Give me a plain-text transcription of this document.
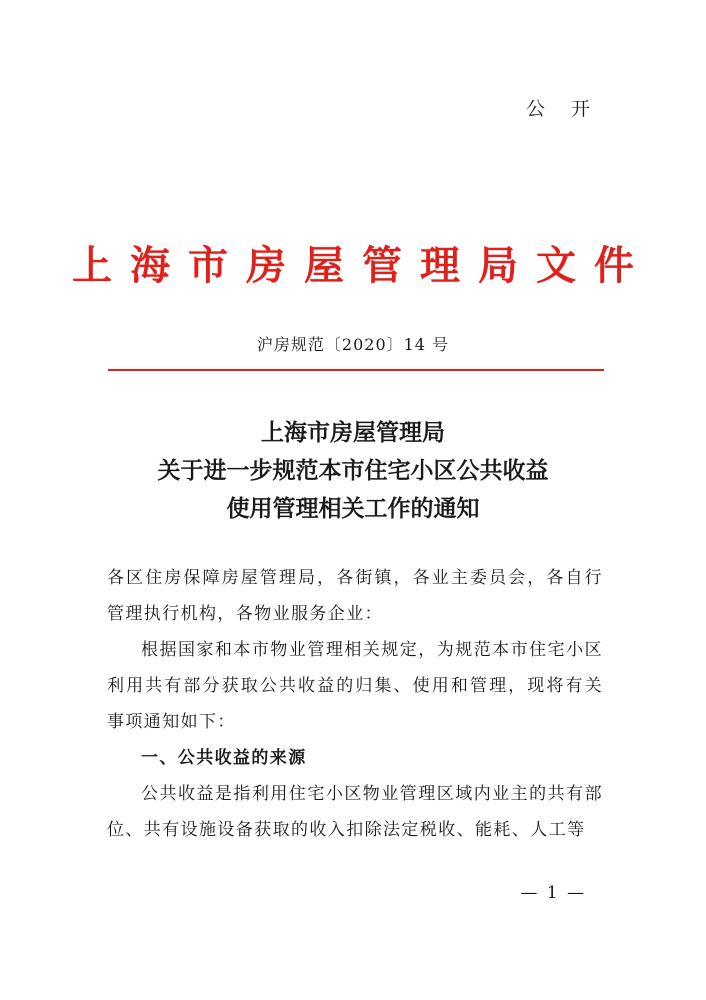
公 开
上海市房屋管理局文件
沪房规范〔2020〕14 号
上海市房屋管理局
关于进一步规范本市住宅小区公共收益
使用管理相关工作的通知

各区住房保障房屋管理局，各街镇，各业主委员会，各自行管理执行机构，各物业服务企业：

根据国家和本市物业管理相关规定，为规范本市住宅小区利用共有部分获取公共收益的归集、使用和管理，现将有关事项通知如下：

一、公共收益的来源

公共收益是指利用住宅小区物业管理区域内业主的共有部位、共有设施设备获取的收入扣除法定税收、能耗、人工等

— 1 —
